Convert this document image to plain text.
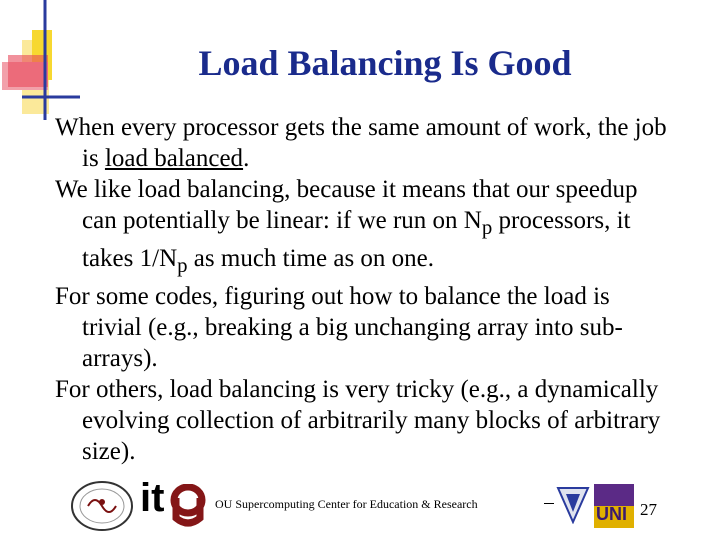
Load Balancing Is Good

When every processor gets the same amount of work, the job is load balanced.

We like load balancing, because it means that our speedup can potentially be linear: if we run on $N_p$ processors, it takes $1/N_p$ as much time as on one.

For some codes, figuring out how to balance the load is trivial (e.g., breaking a big unchanging array into sub-arrays).

For others, load balancing is very tricky (e.g., a dynamically evolving collection of arbitrarily many blocks of arbitrary size).

it	OU Supercomputing Center for Education & Research	UNI 27
